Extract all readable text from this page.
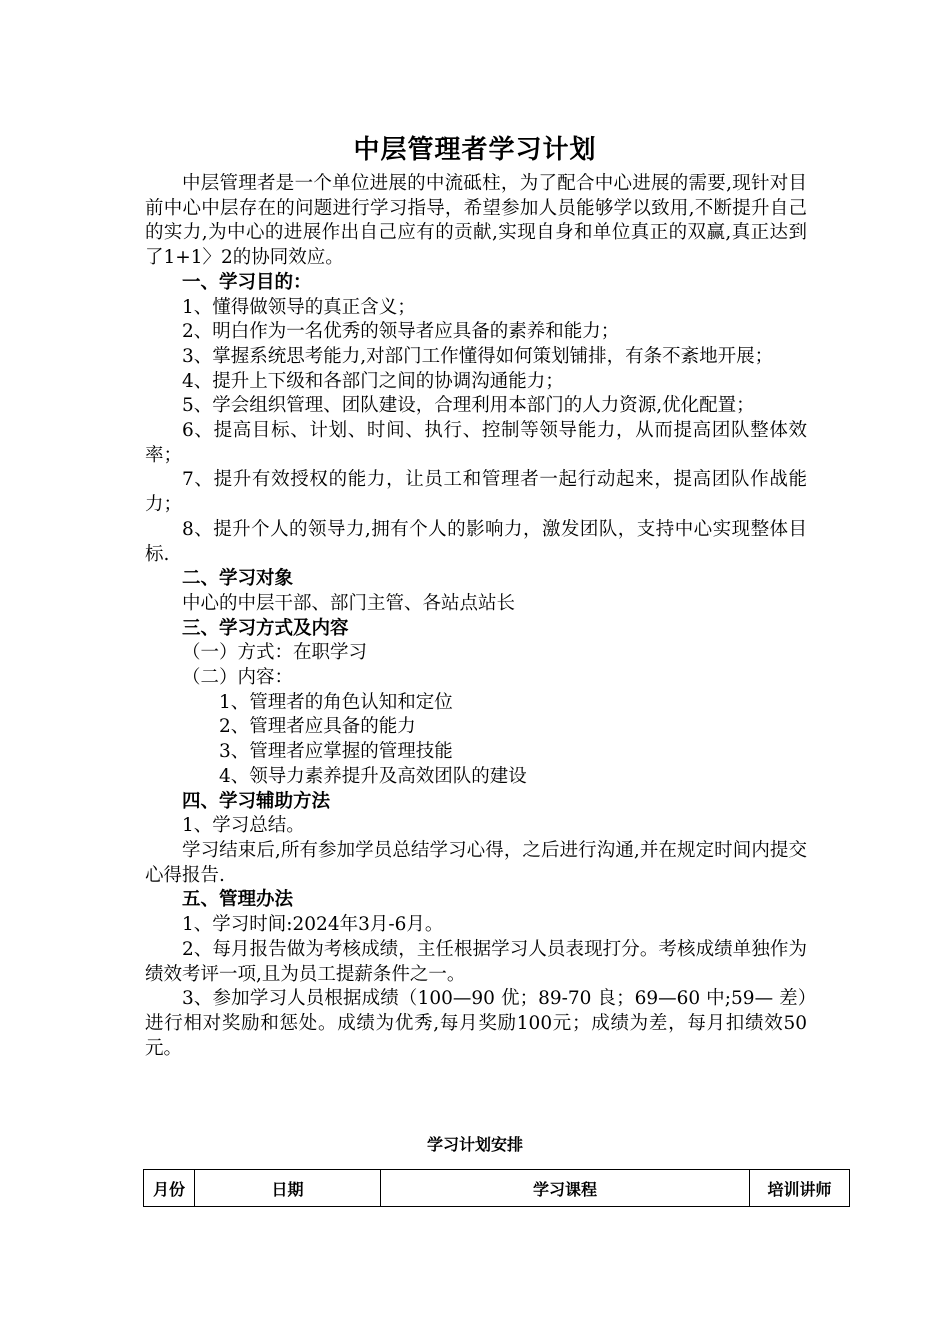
中层管理者学习计划

中层管理者是一个单位进展的中流砥柱，为了配合中心进展的需要,现针对目前中心中层存在的问题进行学习指导，希望参加人员能够学以致用,不断提升自己的实力,为中心的进展作出自己应有的贡献,实现自身和单位真正的双赢,真正达到了1+1〉2的协同效应。

一、学习目的：

1、懂得做领导的真正含义；

2、明白作为一名优秀的领导者应具备的素养和能力；

3、掌握系统思考能力,对部门工作懂得如何策划铺排，有条不紊地开展；

4、提升上下级和各部门之间的协调沟通能力；

5、学会组织管理、团队建设，合理利用本部门的人力资源,优化配置；

6、提高目标、计划、时间、执行、控制等领导能力，从而提高团队整体效率；

7、提升有效授权的能力，让员工和管理者一起行动起来，提高团队作战能力；

8、提升个人的领导力,拥有个人的影响力，激发团队，支持中心实现整体目标.

二、学习对象

中心的中层干部、部门主管、各站点站长

三、学习方式及内容

（一）方式：在职学习

（二）内容：

1、管理者的角色认知和定位

2、管理者应具备的能力

3、管理者应掌握的管理技能

4、领导力素养提升及高效团队的建设

四、学习辅助方法

1、学习总结。

学习结束后,所有参加学员总结学习心得，之后进行沟通,并在规定时间内提交心得报告.

五、管理办法

1、学习时间:2024年3月-6月。

2、每月报告做为考核成绩，主任根据学习人员表现打分。考核成绩单独作为绩效考评一项,且为员工提薪条件之一。

3、参加学习人员根据成绩（100—90 优；89-70 良；69—60 中;59— 差）进行相对奖励和惩处。成绩为优秀,每月奖励100元；成绩为差，每月扣绩效50元。

学习计划安排
月份	日期	学习课程	培训讲师
